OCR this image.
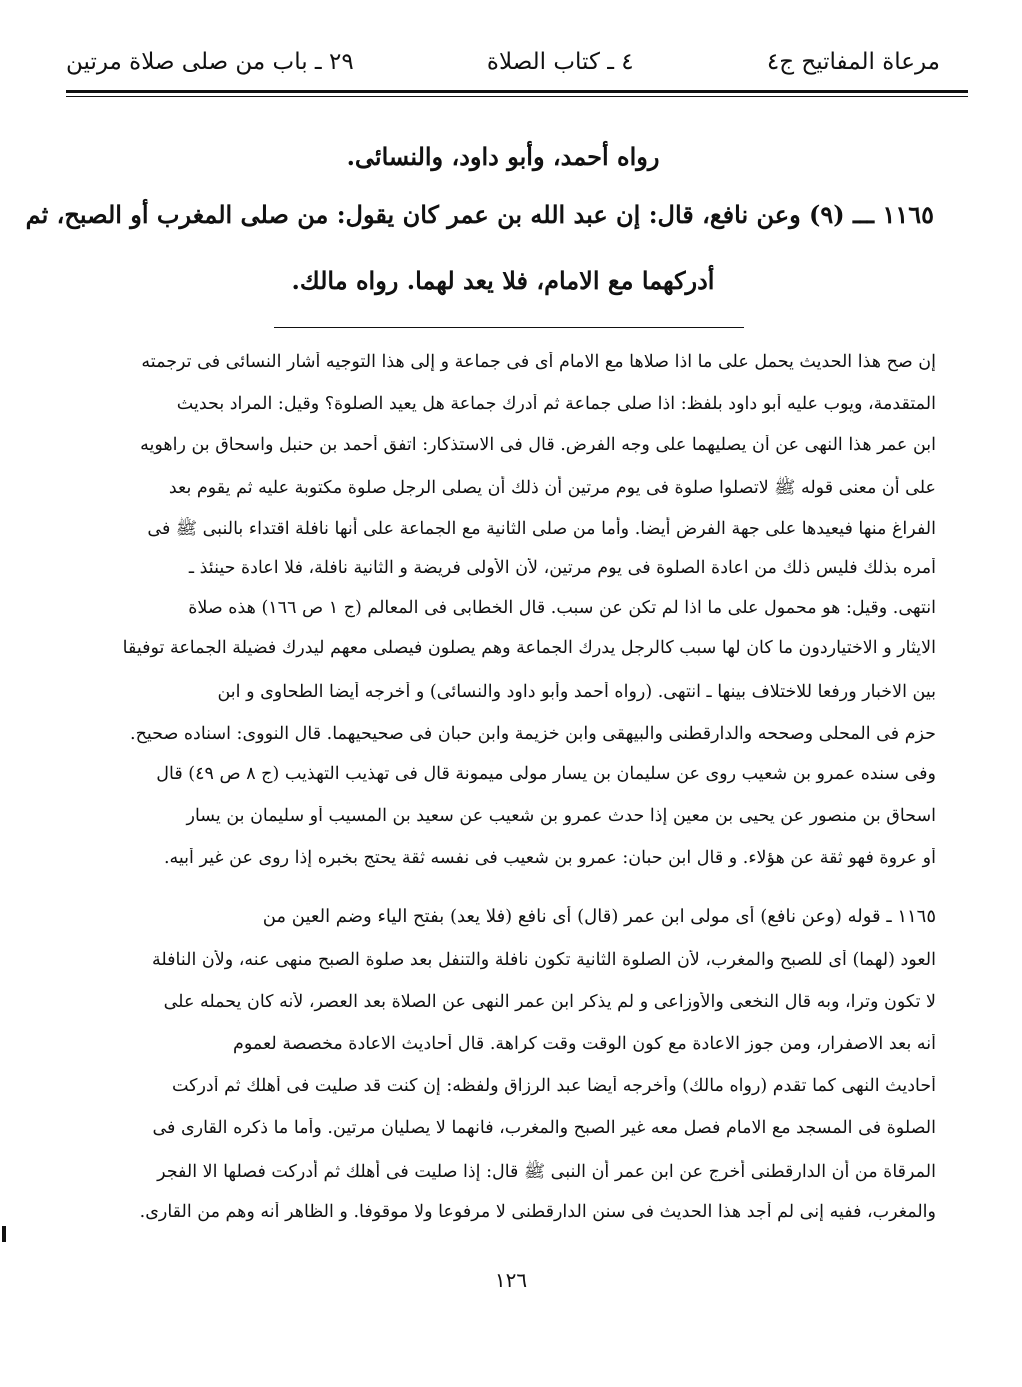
مرعاة المفاتيح ج٤
٤ ـ كتاب الصلاة
٢٩ ـ باب من صلى صلاة مرتين
رواه أحمد، وأبو داود، والنسائى.
١١٦٥ ـــ (٩) وعن نافع، قال: إن عبد الله بن عمر كان يقول: من صلى المغرب أو الصبح، ثم
أدركهما مع الامام، فلا يعد لهما. رواه مالك.
إن صح هذا الحديث يحمل على ما اذا صلاها مع الامام أى فى جماعة و إلى هذا التوجيه أشار النسائى فى ترجمته
المتقدمة، ويوب عليه أبو داود بلفظ: اذا صلى جماعة ثم أدرك جماعة هل يعيد الصلوة؟ وقيل: المراد بحديث
ابن عمر هذا النهى عن أن يصليهما على وجه الفرض. قال فى الاستذكار: اتفق أحمد بن حنبل واسحاق بن راهويه
على أن معنى قوله ﷺ لاتصلوا صلوة فى يوم مرتين أن ذلك أن يصلى الرجل صلوة مكتوبة عليه ثم يقوم بعد
الفراغ منها فيعيدها على جهة الفرض أيضا. وأما من صلى الثانية مع الجماعة على أنها نافلة اقتداء بالنبى ﷺ فى
أمره بذلك فليس ذلك من اعادة الصلوة فى يوم مرتين، لأن الأولى فريضة و الثانية نافلة، فلا اعادة حينئذ ـ
انتهى. وقيل: هو محمول على ما اذا لم تكن عن سبب. قال الخطابى فى المعالم (ج ١ ص ١٦٦) هذه صلاة
الايثار و الاختياردون ما كان لها سبب كالرجل يدرك الجماعة وهم يصلون فيصلى معهم ليدرك فضيلة الجماعة توفيقا
بين الاخبار ورفعا للاختلاف بينها ـ انتهى. (رواه أحمد وأبو داود والنسائى) و أخرجه أيضا الطحاوى و ابن
حزم فى المحلى وصححه والدارقطنى والبيهقى وابن خزيمة وابن حبان فى صحيحيهما. قال النووى: اسناده صحيح.
وفى سنده عمرو بن شعيب روى عن سليمان بن يسار مولى ميمونة قال فى تهذيب التهذيب (ج ٨ ص ٤٩) قال
اسحاق بن منصور عن يحيى بن معين إذا حدث عمرو بن شعيب عن سعيد بن المسيب أو سليمان بن يسار
أو عروة فهو ثقة عن هؤلاء. و قال ابن حبان: عمرو بن شعيب فى نفسه ثقة يحتج بخبره إذا روى عن غير أبيه.
١١٦٥ ـ قوله (وعن نافع) أى مولى ابن عمر (قال) أى نافع (فلا يعد) بفتح الياء وضم العين من
العود (لهما) أى للصبح والمغرب، لأن الصلوة الثانية تكون نافلة والتنفل بعد صلوة الصبح منهى عنه، ولأن النافلة
لا تكون وترا، وبه قال النخعى والأوزاعى و لم يذكر ابن عمر النهى عن الصلاة بعد العصر، لأنه كان يحمله على
أنه بعد الاصفرار، ومن جوز الاعادة مع كون الوقت وقت كراهة. قال أحاديث الاعادة مخصصة لعموم
أحاديث النهى كما تقدم (رواه مالك) وأخرجه أيضا عبد الرزاق ولفظه: إن كنت قد صليت فى أهلك ثم أدركت
الصلوة فى المسجد مع الامام فصل معه غير الصبح والمغرب، فانهما لا يصليان مرتين. وأما ما ذكره القارى فى
المرقاة من أن الدارقطنى أخرج عن ابن عمر أن النبى ﷺ قال: إذا صليت فى أهلك ثم أدركت فصلها الا الفجر
والمغرب، ففيه إنى لم أجد هذا الحديث فى سنن الدارقطنى لا مرفوعا ولا موقوفا. و الظاهر أنه وهم من القارى.
١٢٦
